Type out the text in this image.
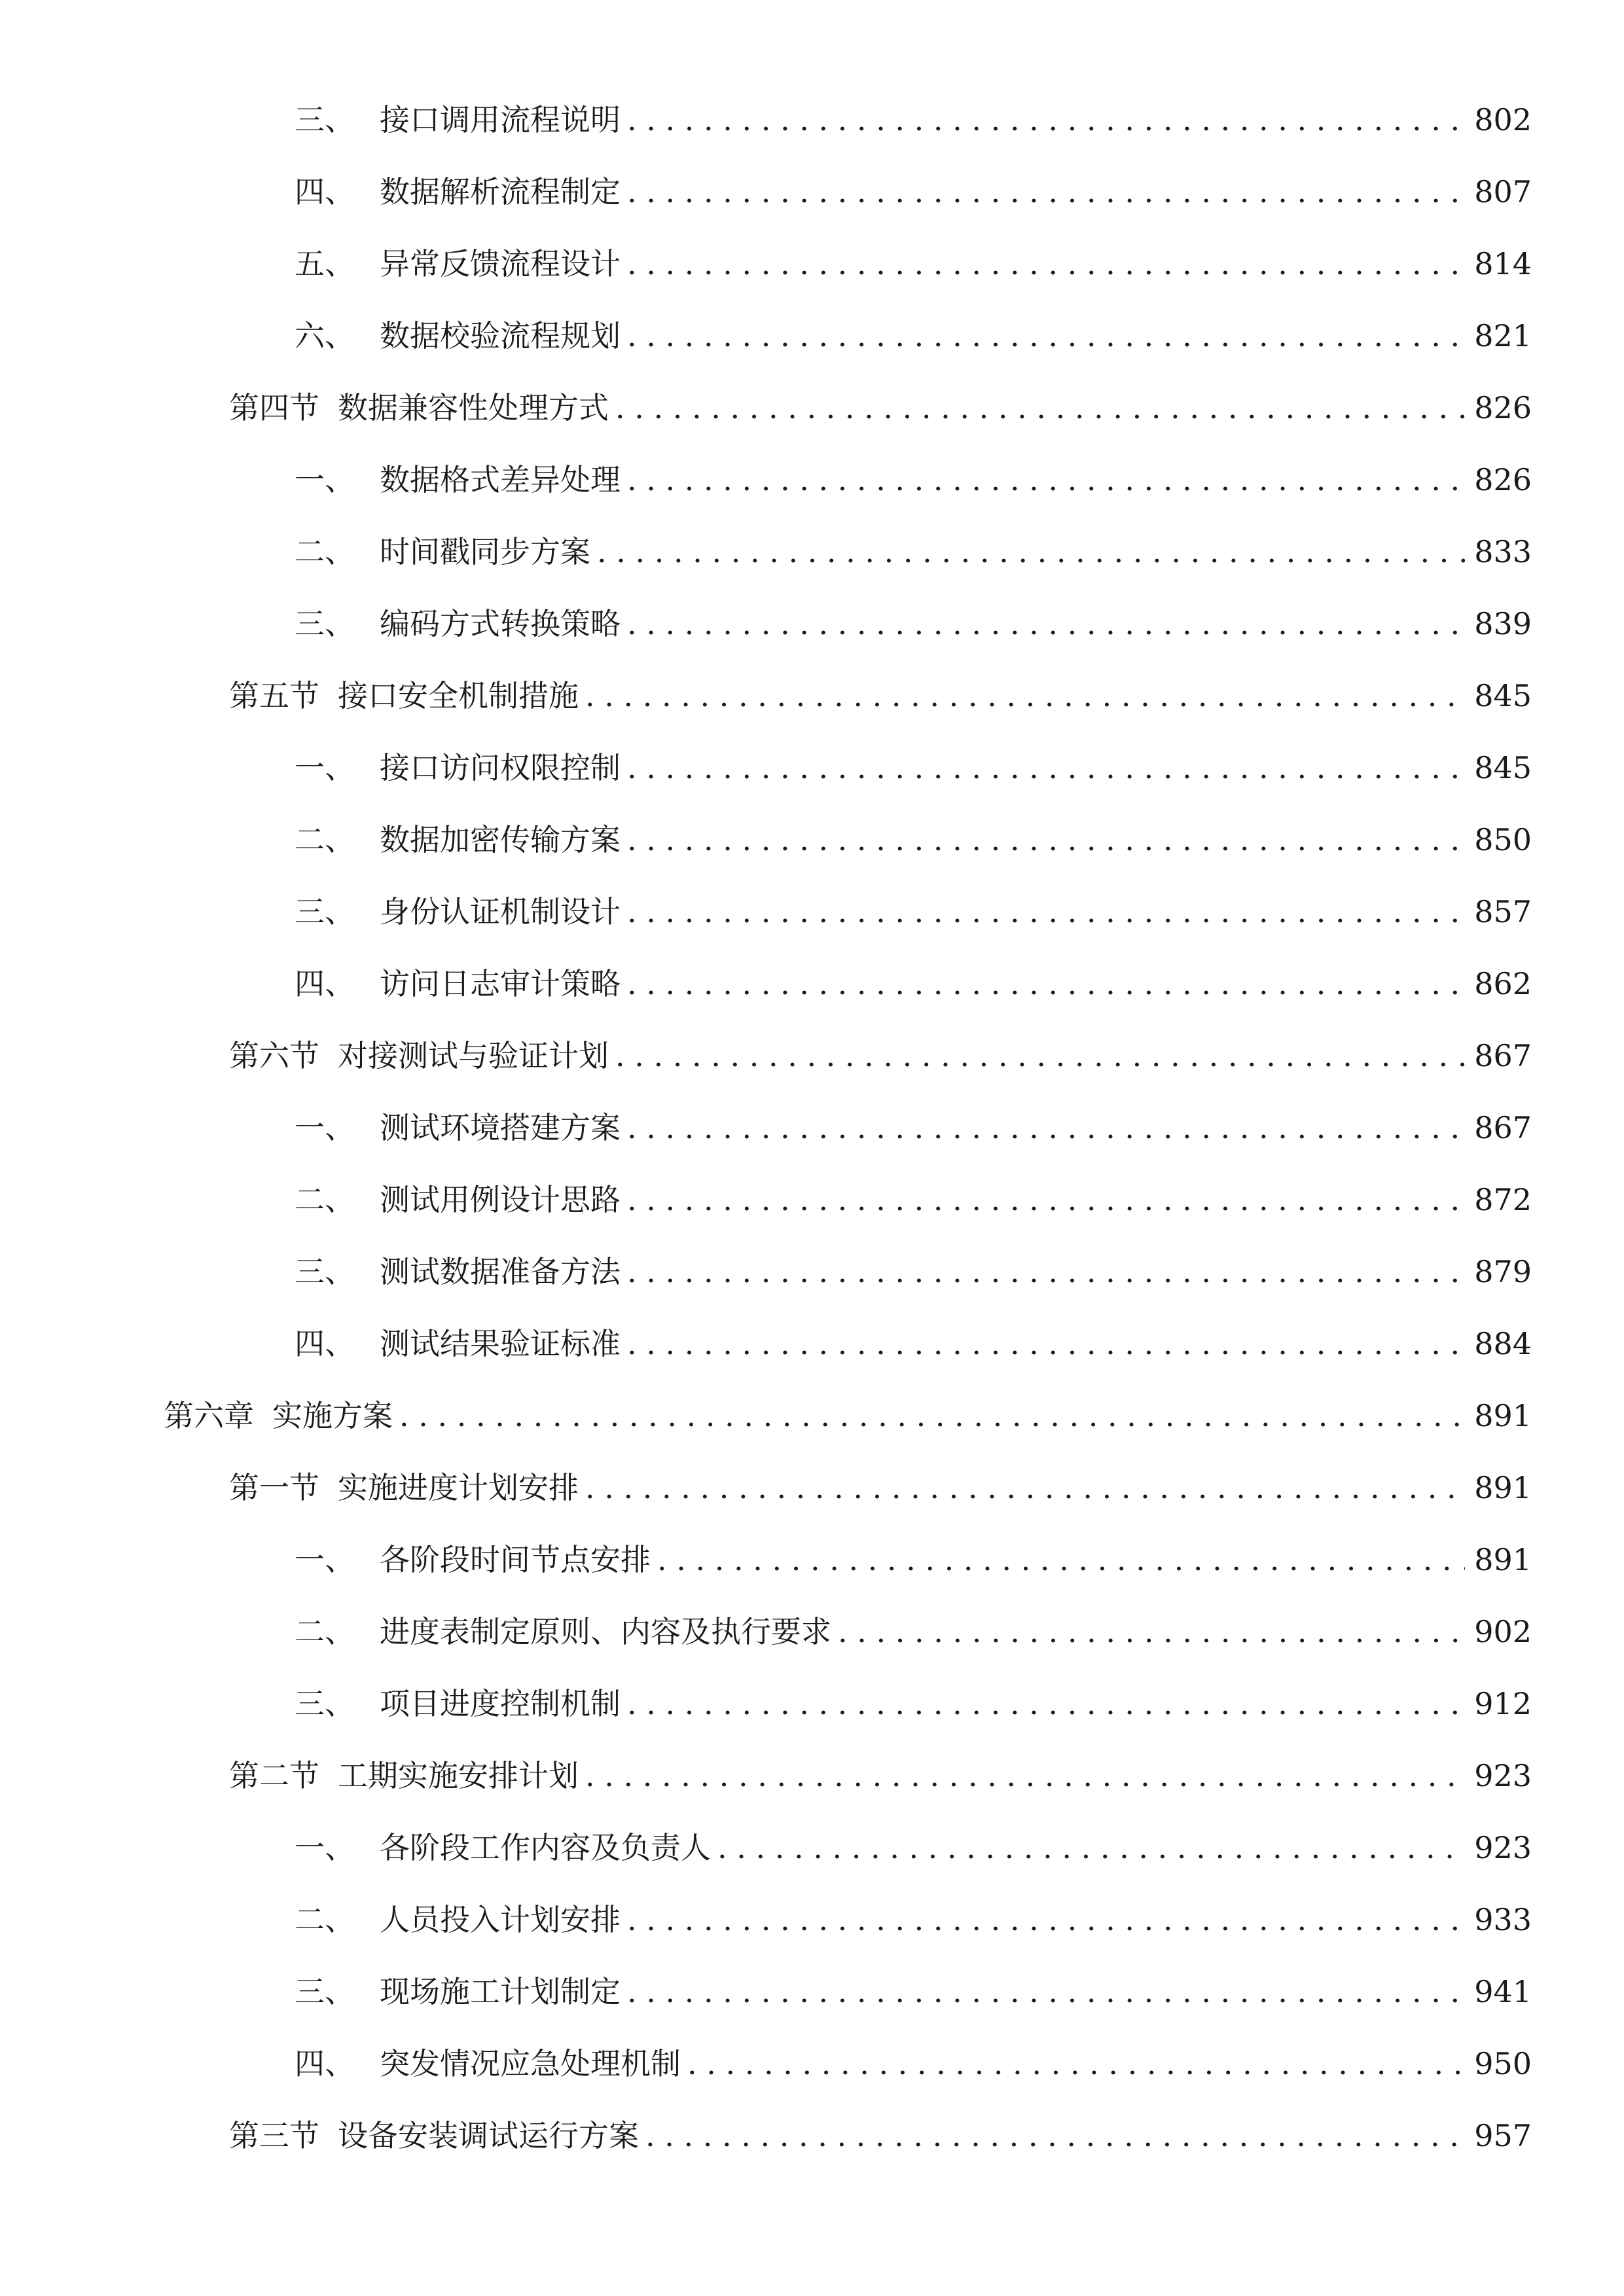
三、 接口调用流程说明 . . .	802
四、 数据解析流程制定 . . .	807
五、 异常反馈流程设计 . . .	814
六、 数据校验流程规划 . . .	821
第四节 数据兼容性处理方式 . . .	826
一、 数据格式差异处理 . . .	826
二、 时间戳同步方案 . . .	833
三、 编码方式转换策略 . . .	839
第五节 接口安全机制措施 . . .	845
一、 接口访问权限控制 . . .	845
二、 数据加密传输方案 . . .	850
三、 身份认证机制设计 . . .	857
四、 访问日志审计策略 . . .	862
第六节 对接测试与验证计划 . . .	867
一、 测试环境搭建方案 . . .	867
二、 测试用例设计思路 . . .	872
三、 测试数据准备方法 . . .	879
四、 测试结果验证标准 . . .	884
第六章 实施方案 . . .	891
第一节 实施进度计划安排 . . .	891
一、 各阶段时间节点安排 . . .	891
二、 进度表制定原则、内容及执行要求 . . .	902
三、 项目进度控制机制 . . .	912
第二节 工期实施安排计划 . . .	923
一、 各阶段工作内容及负责人 . . .	923
二、 人员投入计划安排 . . .	933
三、 现场施工计划制定 . . .	941
四、 突发情况应急处理机制 . . .	950
第三节 设备安装调试运行方案 . . .	957
